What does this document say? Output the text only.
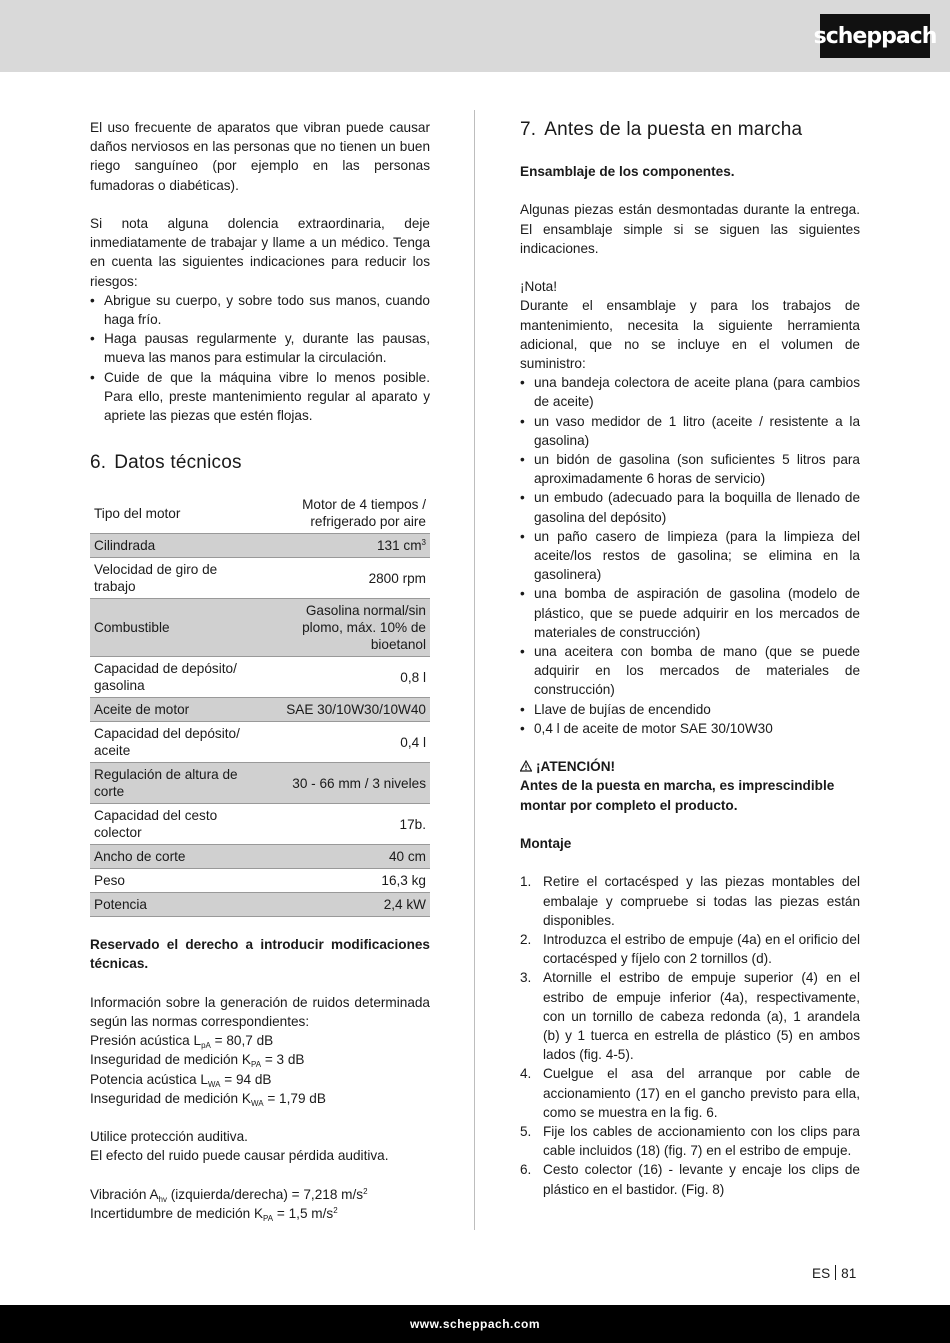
scheppach

El uso frecuente de aparatos que vibran puede causar daños nerviosos en las personas que no tienen un buen riego sanguíneo (por ejemplo en las personas fumadoras o diabéticas).

Si nota alguna dolencia extraordinaria, deje inmediatamente de trabajar y llame a un médico. Tenga en cuenta las siguientes indicaciones para reducir los riesgos:

• Abrigue su cuerpo, y sobre todo sus manos, cuando haga frío.
• Haga pausas regularmente y, durante las pausas, mueva las manos para estimular la circulación.
• Cuide de que la máquina vibre lo menos posible. Para ello, preste mantenimiento regular al aparato y apriete las piezas que estén flojas.
6. Datos técnicos
Tipo del motor	Motor de 4 tiempos / refrigerado por aire
Cilindrada	131 $cm^3$
Velocidad de giro de trabajo	2800 rpm
Combustible	Gasolina normal/sin plomo, máx. 10% de bioetanol
Capacidad de depósito/ gasolina	0,8 l
Aceite de motor	SAE 30/10W30/10W40
Capacidad del depósito/ aceite	0,4 l
Regulación de altura de corte	30 - 66 mm / 3 niveles
Capacidad del cesto colector	17b.
Ancho de corte	40 cm
Peso	16,3 kg
Potencia	2,4 kW

Reservado el derecho a introducir modificaciones técnicas.

Información sobre la generación de ruidos determinada según las normas correspondientes:

Presión acústica $L_{pA} = 80,7$ dB
Inseguridad de medición $K_{PA} = 3$ dB
Potencia acústica $L_{WA} = 94$ dB
Inseguridad de medición $K_{WA} = 1,79$ dB
Utilice protección auditiva.
El efecto del ruido puede causar pérdida auditiva.
Vibración $A_{hv}$ (izquierda/derecha) = 7,218 $m/s^2$
Incertidumbre de medición $K_{PA} = 1,5$ $m/s^2$
7. Antes de la puesta en marcha

Ensamblaje de los componentes.

Algunas piezas están desmontadas durante la entrega. El ensamblaje simple si se siguen las siguientes indicaciones.

¡Nota!

Durante el ensamblaje y para los trabajos de mantenimiento, necesita la siguiente herramienta adicional, que no se incluye en el volumen de suministro:

• una bandeja colectora de aceite plana (para cambios de aceite)
• un vaso medidor de 1 litro (aceite / resistente a la gasolina)
• un bidón de gasolina (son suficientes 5 litros para aproximadamente 6 horas de servicio)
• un embudo (adecuado para la boquilla de llenado de gasolina del depósito)
• un paño casero de limpieza (para la limpieza del aceite/los restos de gasolina; se elimina en la gasolinera)
• una bomba de aspiración de gasolina (modelo de plástico, que se puede adquirir en los mercados de materiales de construcción)
• una aceitera con bomba de mano (que se puede adquirir en los mercados de materiales de construcción)
• Llave de bujías de encendido
• 0,4 l de aceite de motor SAE 30/10W30
¡ATENCIÓN!

Antes de la puesta en marcha, es imprescindible montar por completo el producto.

Montaje

1. Retire el cortacésped y las piezas montables del embalaje y compruebe si todas las piezas están disponibles.
2. Introduzca el estribo de empuje (4a) en el orificio del cortacésped y fíjelo con 2 tornillos (d).
3. Atornille el estribo de empuje superior (4) en el estribo de empuje inferior (4a), respectivamente, con un tornillo de cabeza redonda (a), 1 arandela (b) y 1 tuerca en estrella de plástico (5) en ambos lados (fig. 4-5).
4. Cuelgue el asa del arranque por cable de accionamiento (17) en el gancho previsto para ella, como se muestra en la fig. 6.
5. Fije los cables de accionamiento con los clips para cable incluidos (18) (fig. 7) en el estribo de empuje.
6. Cesto colector (16) - levante y encaje los clips de plástico en el bastidor. (Fig. 8)
ES 81
www.scheppach.com
